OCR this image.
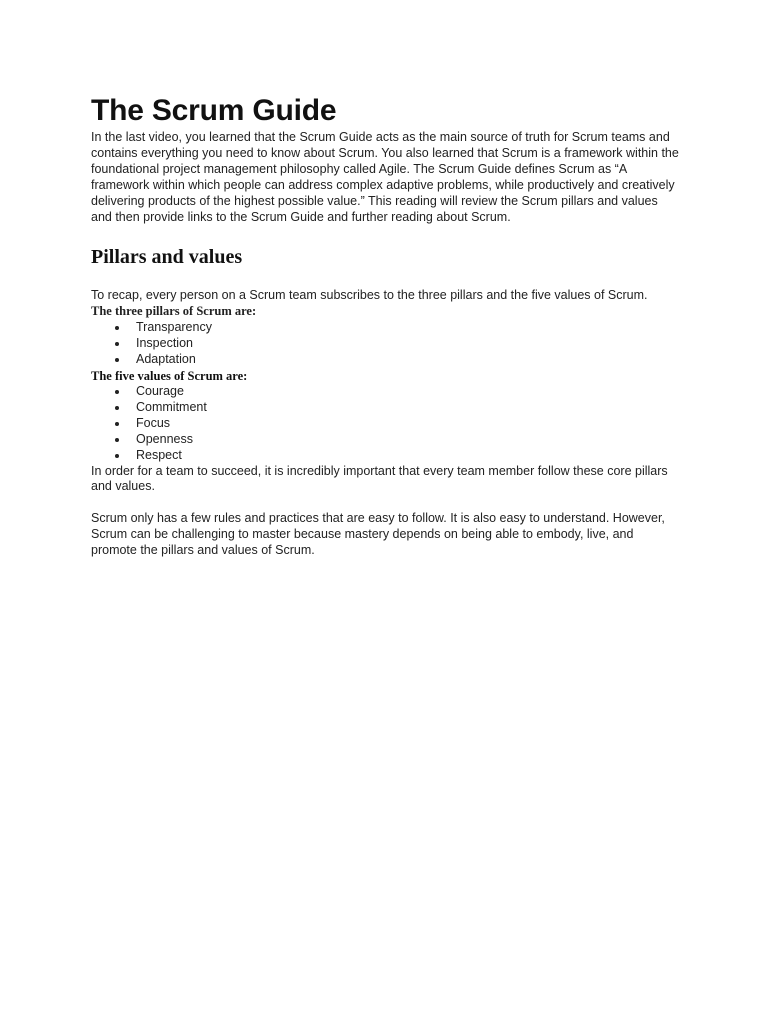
The Scrum Guide

In the last video, you learned that the Scrum Guide acts as the main source of truth for Scrum teams and contains everything you need to know about Scrum. You also learned that Scrum is a framework within the foundational project management philosophy called Agile. The Scrum Guide defines Scrum as “A framework within which people can address complex adaptive problems, while productively and creatively delivering products of the highest possible value.” This reading will review the Scrum pillars and values and then provide links to the Scrum Guide and further reading about Scrum.

Pillars and values

To recap, every person on a Scrum team subscribes to the three pillars and the five values of Scrum. The three pillars of Scrum are:

Transparency
Inspection
Adaptation

The five values of Scrum are:

Courage
Commitment
Focus
Openness
Respect

In order for a team to succeed, it is incredibly important that every team member follow these core pillars and values.

Scrum only has a few rules and practices that are easy to follow. It is also easy to understand. However, Scrum can be challenging to master because mastery depends on being able to embody, live, and promote the pillars and values of Scrum.
